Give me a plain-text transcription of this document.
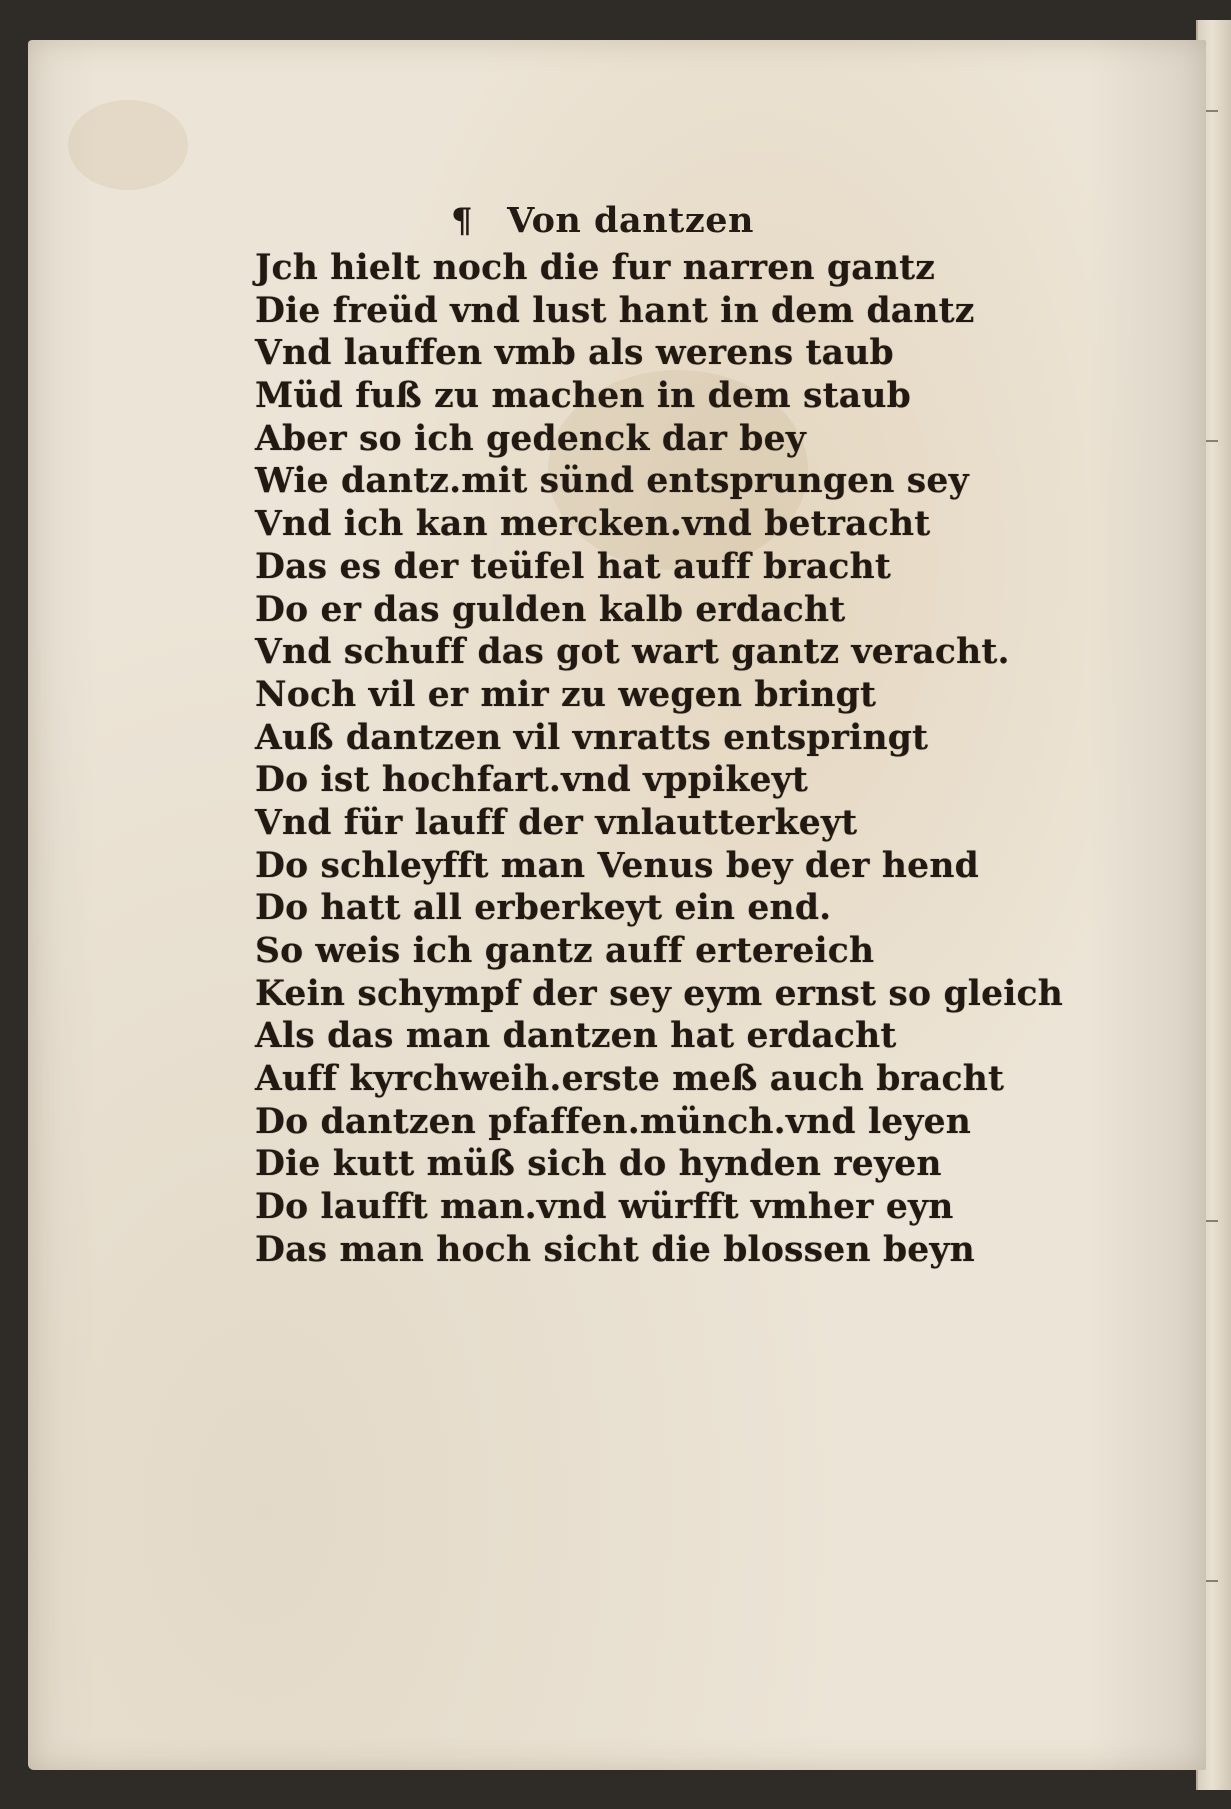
¶ Von dantzen
Jch hielt noch die fur narren gantz
Die freüd vnd lust hant in dem dantz
Vnd lauffen vmb als werens taub
Müd fuß zu machen in dem staub
Aber so ich gedenck dar bey
Wie dantz.mit sünd entsprungen sey
Vnd ich kan mercken.vnd betracht
Das es der teüfel hat auff bracht
Do er das gulden kalb erdacht
Vnd schuff das got wart gantz veracht.
Noch vil er mir zu wegen bringt
Auß dantzen vil vnratts entspringt
Do ist hochfart.vnd vppikeyt
Vnd für lauff der vnlautterkeyt
Do schleyfft man Venus bey der hend
Do hatt all erberkeyt ein end.
So weis ich gantz auff ertereich
Kein schympf der sey eym ernst so gleich
Als das man dantzen hat erdacht
Auff kyrchweih.erste meß auch bracht
Do dantzen pfaffen.münch.vnd leyen
Die kutt müß sich do hynden reyen
Do laufft man.vnd würfft vmher eyn
Das man hoch sicht die blossen beyn
